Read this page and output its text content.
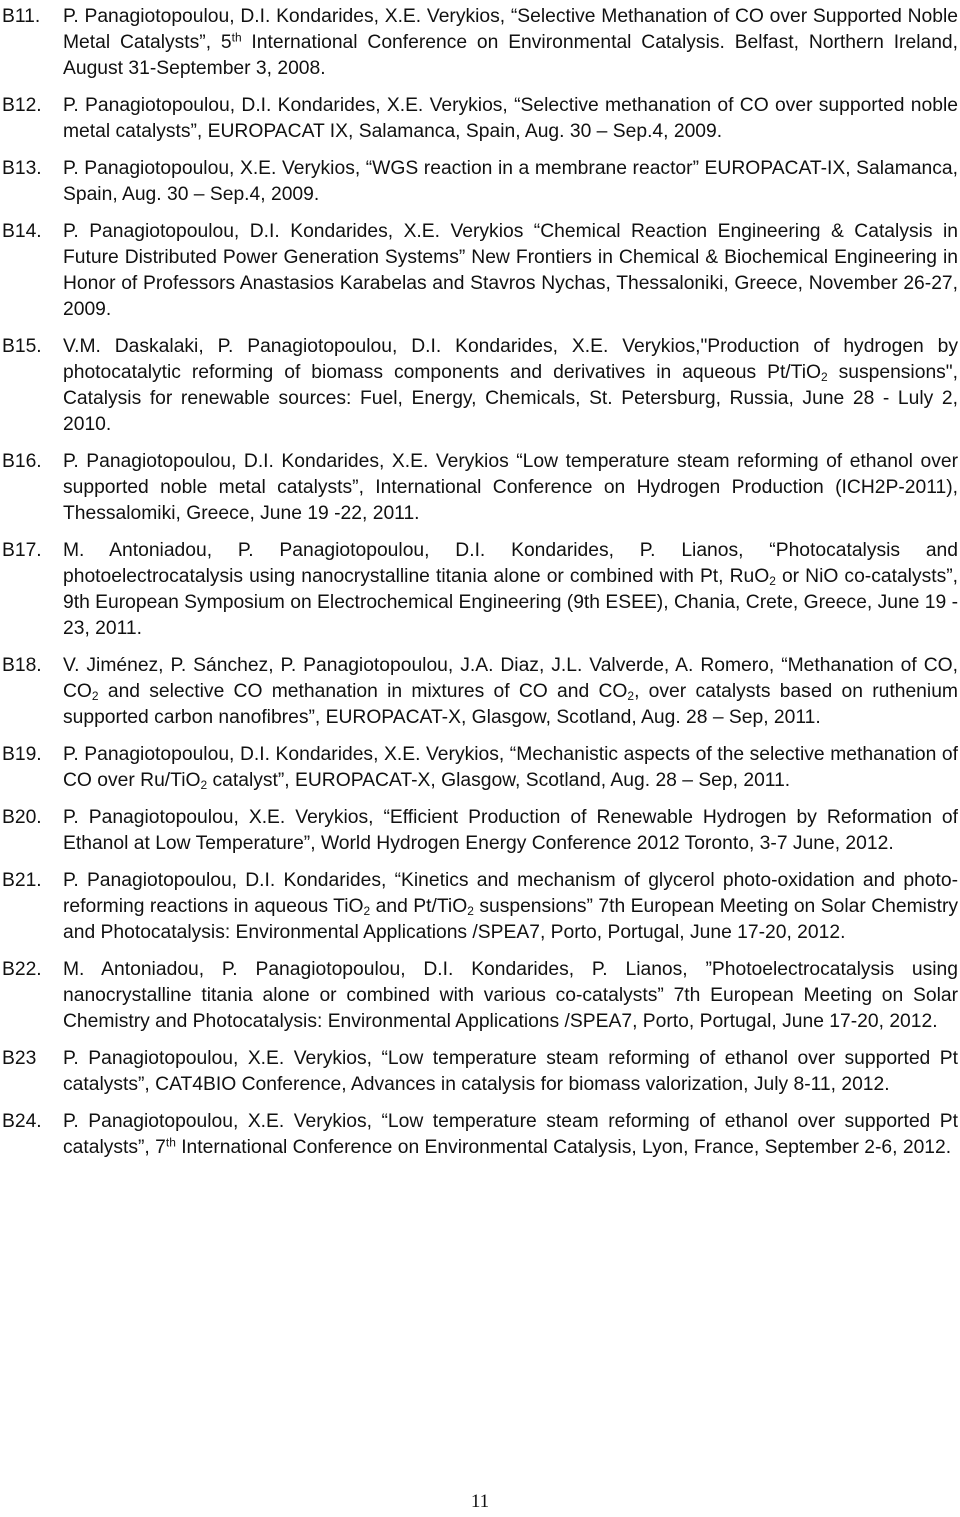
B11.	P. Panagiotopoulou, D.I. Kondarides, X.E. Verykios, “Selective Methanation of CO over Supported Noble Metal Catalysts”, 5th International Conference on Environmental Catalysis. Belfast, Northern Ireland, August 31-September 3, 2008.
B12.	P. Panagiotopoulou, D.I. Kondarides, X.E. Verykios, “Selective methanation of CO over supported noble metal catalysts”, EUROPACAT IX, Salamanca, Spain, Aug. 30 – Sep.4, 2009.
B13.	P. Panagiotopoulou, X.E. Verykios, “WGS reaction in a membrane reactor” EUROPACAT-IX, Salamanca, Spain, Aug. 30 – Sep.4, 2009.
B14.	P. Panagiotopoulou, D.I. Kondarides, X.E. Verykios “Chemical Reaction Engineering & Catalysis in Future Distributed Power Generation Systems” New Frontiers in Chemical & Biochemical Engineering in Honor of Professors Anastasios Karabelas and Stavros Nychas, Thessaloniki, Greece, November 26-27, 2009.
B15.	V.M. Daskalaki, P. Panagiotopoulou, D.I. Kondarides, X.E. Verykios,"Production of hydrogen by photocatalytic reforming of biomass components and derivatives in aqueous Pt/TiO$_2$ suspensions", Catalysis for renewable sources: Fuel, Energy, Chemicals, St. Petersburg, Russia, June 28 - Luly 2, 2010.
B16.	P. Panagiotopoulou, D.I. Kondarides, X.E. Verykios “Low temperature steam reforming of ethanol over supported noble metal catalysts”, International Conference on Hydrogen Production (ICH2P-2011), Thessalomiki, Greece, June 19 -22, 2011.
B17.	M. Antoniadou, P. Panagiotopoulou, D.I. Kondarides, P. Lianos, “Photocatalysis and photoelectrocatalysis using nanocrystalline titania alone or combined with Pt, RuO$_2$ or NiO co-catalysts”, 9th European Symposium on Electrochemical Engineering (9th ESEE), Chania, Crete, Greece, June 19 - 23, 2011.
B18.	V. Jiménez, P. Sánchez, P. Panagiotopoulou, J.A. Diaz, J.L. Valverde, A. Romero, “Methanation of CO, $CO_2$ and selective CO methanation in mixtures of CO and $CO_2$, over catalysts based on ruthenium supported carbon nanofibres”, EUROPACAT-X, Glasgow, Scotland, Aug. 28 – Sep, 2011.
B19.	P. Panagiotopoulou, D.I. Kondarides, X.E. Verykios, “Mechanistic aspects of the selective methanation of CO over Ru/TiO$_2$ catalyst”, EUROPACAT-X, Glasgow, Scotland, Aug. 28 – Sep, 2011.
B20.	P. Panagiotopoulou, X.E. Verykios, “Efficient Production of Renewable Hydrogen by Reformation of Ethanol at Low Temperature”, World Hydrogen Energy Conference 2012 Toronto, 3-7 June, 2012.
B21.	P. Panagiotopoulou, D.I. Kondarides, “Kinetics and mechanism of glycerol photo-oxidation and photo-reforming reactions in aqueous TiO$_2$ and Pt/TiO$_2$ suspensions” 7th European Meeting on Solar Chemistry and Photocatalysis: Environmental Applications /SPEA7, Porto, Portugal, June 17-20, 2012.
B22.	M. Antoniadou, P. Panagiotopoulou, D.I. Kondarides, P. Lianos, ”Photoelectrocatalysis using nanocrystalline titania alone or combined with various co-catalysts” 7th European Meeting on Solar Chemistry and Photocatalysis: Environmental Applications /SPEA7, Porto, Portugal, June 17-20, 2012.
B23	P. Panagiotopoulou, X.E. Verykios, “Low temperature steam reforming of ethanol over supported Pt catalysts”, CAT4BIO Conference, Advances in catalysis for biomass valorization, July 8-11, 2012.
B24.	P. Panagiotopoulou, X.E. Verykios, “Low temperature steam reforming of ethanol over supported Pt catalysts”, 7th International Conference on Environmental Catalysis, Lyon, France, September 2-6, 2012.
11
